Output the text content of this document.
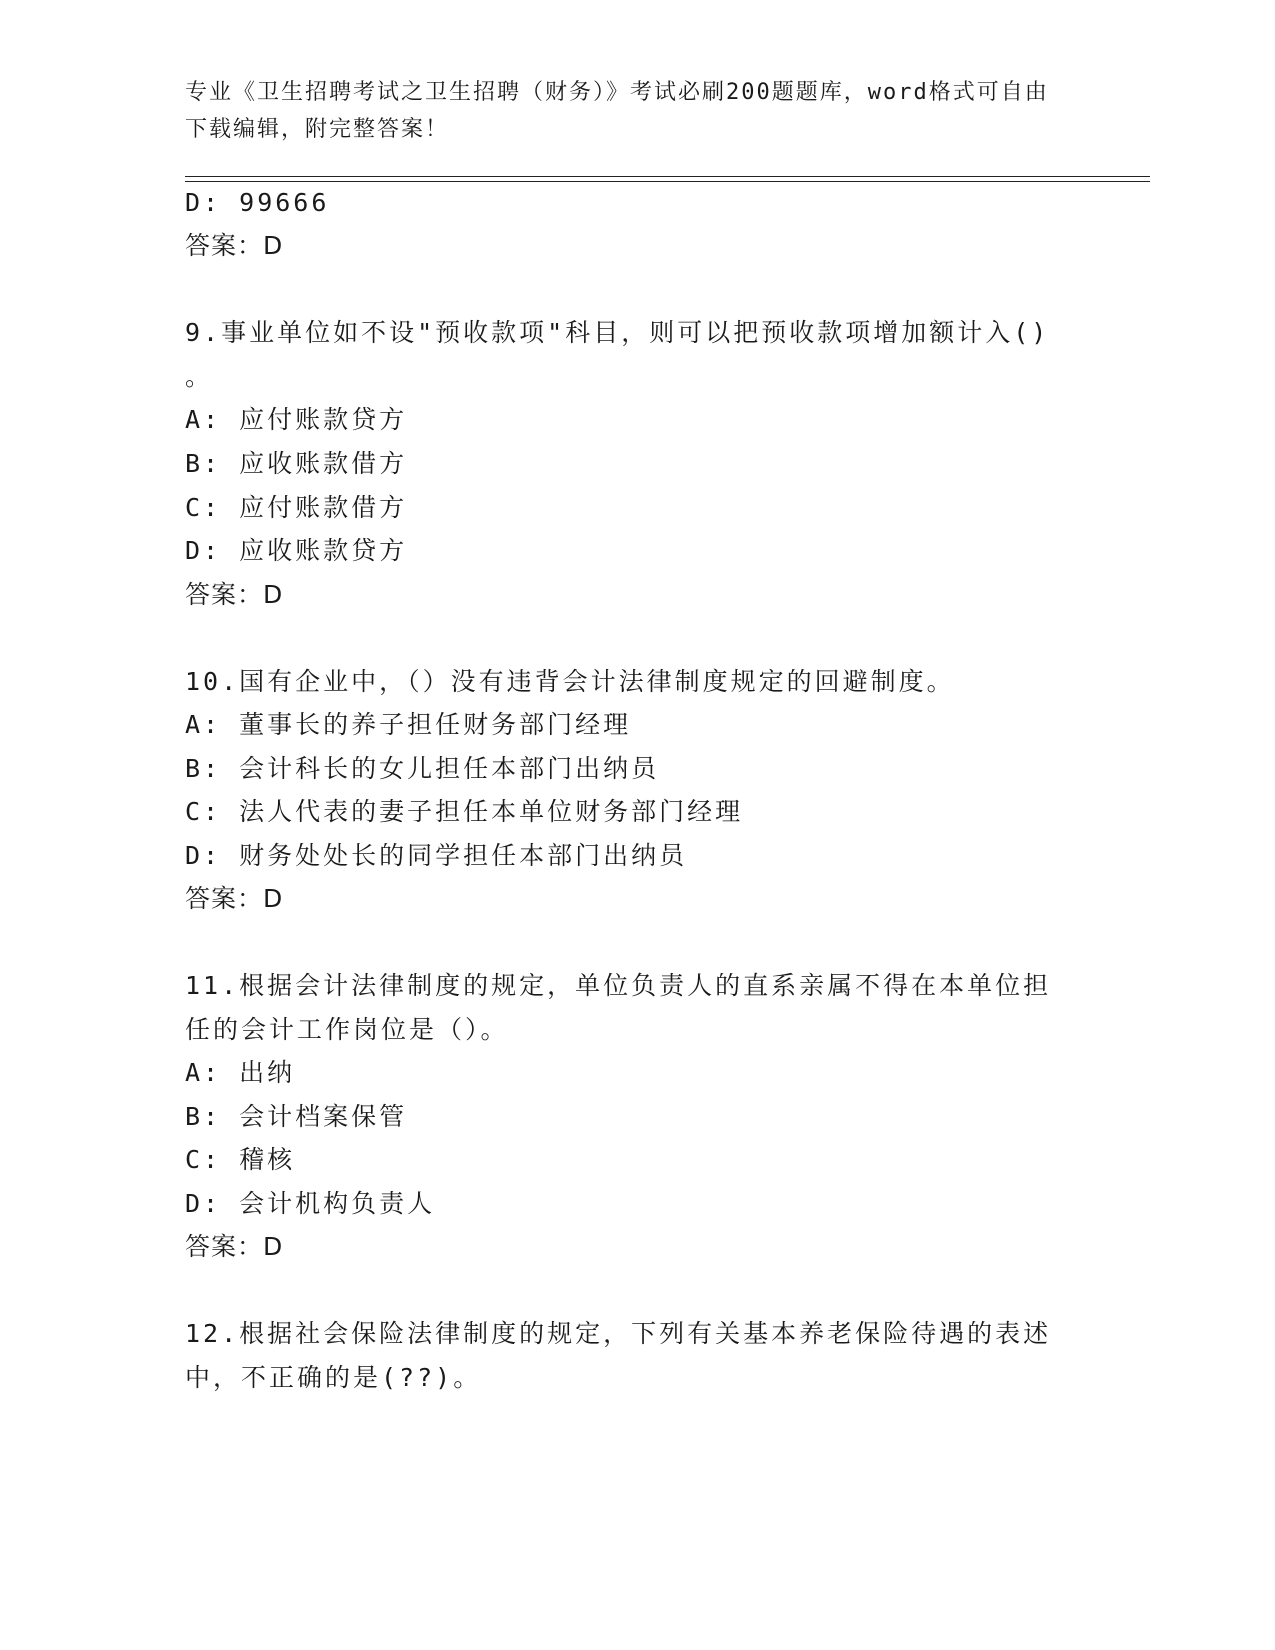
专业《卫生招聘考试之卫生招聘（财务）》考试必刷200题题库，word格式可自由下载编辑，附完整答案！
D: 99666
答案：D
9.事业单位如不设"预收款项"科目，则可以把预收款项增加额计入()
。
A: 应付账款贷方
B: 应收账款借方
C: 应付账款借方
D: 应收账款贷方
答案：D
10.国有企业中，（）没有违背会计法律制度规定的回避制度。
A: 董事长的养子担任财务部门经理
B: 会计科长的女儿担任本部门出纳员
C: 法人代表的妻子担任本单位财务部门经理
D: 财务处处长的同学担任本部门出纳员
答案：D
11.根据会计法律制度的规定，单位负责人的直系亲属不得在本单位担
任的会计工作岗位是（）。
A: 出纳
B: 会计档案保管
C: 稽核
D: 会计机构负责人
答案：D
12.根据社会保险法律制度的规定，下列有关基本养老保险待遇的表述
中，不正确的是(??)。
